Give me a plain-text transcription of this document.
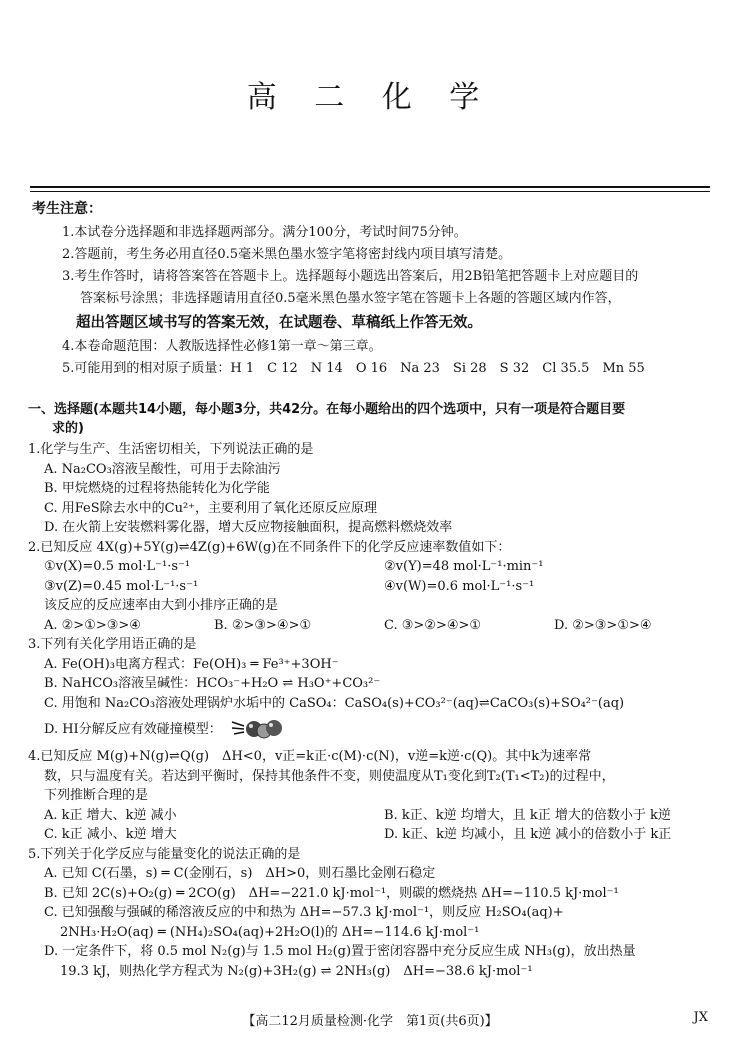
高 二 化 学
考生注意：
1.本试卷分选择题和非选择题两部分。满分100分，考试时间75分钟。
2.答题前，考生务必用直径0.5毫米黑色墨水签字笔将密封线内项目填写清楚。
3.考生作答时，请将答案答在答题卡上。选择题每小题选出答案后，用2B铅笔把答题卡上对应题目的
答案标号涂黑；非选择题请用直径0.5毫米黑色墨水签字笔在答题卡上各题的答题区域内作答，
超出答题区域书写的答案无效，在试题卷、草稿纸上作答无效。
4.本卷命题范围：人教版选择性必修1第一章～第三章。
5.可能用到的相对原子质量：H 1　C 12　N 14　O 16　Na 23　Si 28　S 32　Cl 35.5　Mn 55
一、选择题(本题共14小题，每小题3分，共42分。在每小题给出的四个选项中，只有一项是符合题目要
求的)
1.化学与生产、生活密切相关，下列说法正确的是
A. Na₂CO₃溶液呈酸性，可用于去除油污
B. 甲烷燃烧的过程将热能转化为化学能
C. 用FeS除去水中的Cu²⁺，主要利用了氧化还原反应原理
D. 在火箭上安装燃料雾化器，增大反应物接触面积，提高燃料燃烧效率
2.已知反应 4X(g)+5Y(g)⇌4Z(g)+6W(g)在不同条件下的化学反应速率数值如下：
①v(X)=0.5 mol·L⁻¹·s⁻¹	②v(Y)=48 mol·L⁻¹·min⁻¹
③v(Z)=0.45 mol·L⁻¹·s⁻¹	④v(W)=0.6 mol·L⁻¹·s⁻¹
该反应的反应速率由大到小排序正确的是
A. ②>①>③>④	B. ②>③>④>①	C. ③>②>④>①	D. ②>③>①>④
3.下列有关化学用语正确的是
A. Fe(OH)₃电离方程式：Fe(OH)₃ ═ Fe³⁺+3OH⁻
B. NaHCO₃溶液呈碱性：HCO₃⁻+H₂O ⇌ H₃O⁺+CO₃²⁻
C. 用饱和 Na₂CO₃溶液处理锅炉水垢中的 CaSO₄：CaSO₄(s)+CO₃²⁻(aq)⇌CaCO₃(s)+SO₄²⁻(aq)
D. HI分解反应有效碰撞模型：
4.已知反应 M(g)+N(g)⇌Q(g)　ΔH<0，v正=k正·c(M)·c(N)，v逆=k逆·c(Q)。其中k为速率常
数，只与温度有关。若达到平衡时，保持其他条件不变，则使温度从T₁变化到T₂(T₁<T₂)的过程中，
下列推断合理的是
A. k正 增大、k逆 减小	B. k正、k逆 均增大，且 k正 增大的倍数小于 k逆
C. k正 减小、k逆 增大	D. k正、k逆 均减小，且 k逆 减小的倍数小于 k正
5.下列关于化学反应与能量变化的说法正确的是
A. 已知 C(石墨，s) ═ C(金刚石，s)　ΔH>0，则石墨比金刚石稳定
B. 已知 2C(s)+O₂(g) ═ 2CO(g)　ΔH=−221.0 kJ·mol⁻¹，则碳的燃烧热 ΔH=−110.5 kJ·mol⁻¹
C. 已知强酸与强碱的稀溶液反应的中和热为 ΔH=−57.3 kJ·mol⁻¹，则反应 H₂SO₄(aq)+
2NH₃·H₂O(aq) ═ (NH₄)₂SO₄(aq)+2H₂O(l)的 ΔH=−114.6 kJ·mol⁻¹
D. 一定条件下，将 0.5 mol N₂(g)与 1.5 mol H₂(g)置于密闭容器中充分反应生成 NH₃(g)，放出热量
19.3 kJ，则热化学方程式为 N₂(g)+3H₂(g) ⇌ 2NH₃(g)　ΔH=−38.6 kJ·mol⁻¹
【高二12月质量检测·化学　第1页(共6页)】	JX
